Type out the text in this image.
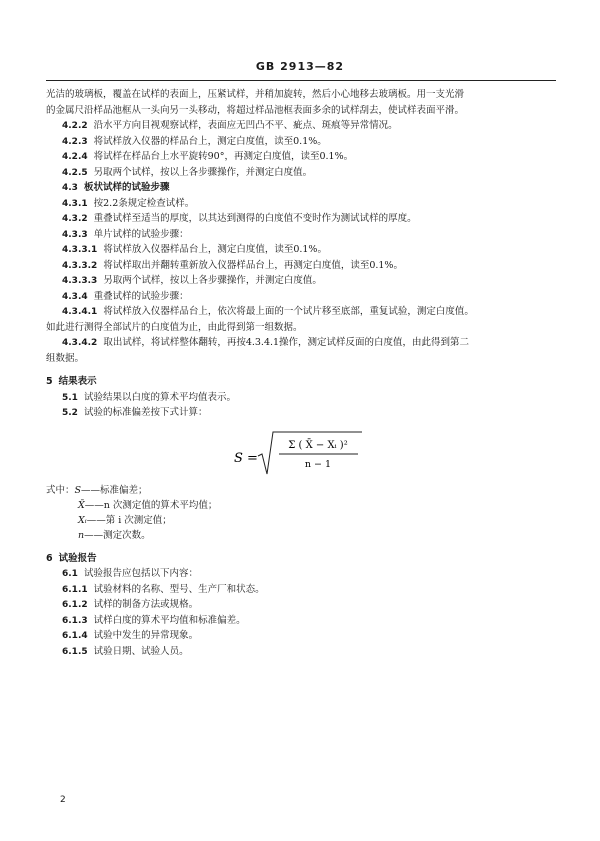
GB 2913—82
光洁的玻璃板，覆盖在试样的表面上，压紧试样，并稍加旋转，然后小心地移去玻璃板。用一支光滑
的金属尺沿样品池框从一头向另一头移动，将超过样品池框表面多余的试样刮去，使试样表面平滑。
4.2.2 沿水平方向目视观察试样，表面应无凹凸不平、疵点、斑痕等异常情况。
4.2.3 将试样放入仪器的样品台上，测定白度值，读至0.1%。
4.2.4 将试样在样品台上水平旋转90°，再测定白度值，读至0.1%。
4.2.5 另取两个试样，按以上各步骤操作，并测定白度值。
4.3 板状试样的试验步骤
4.3.1 按2.2条规定检查试样。
4.3.2 重叠试样至适当的厚度，以其达到测得的白度值不变时作为测试试样的厚度。
4.3.3 单片试样的试验步骤：
4.3.3.1 将试样放入仪器样品台上，测定白度值，读至0.1%。
4.3.3.2 将试样取出并翻转重新放入仪器样品台上，再测定白度值，读至0.1%。
4.3.3.3 另取两个试样，按以上各步骤操作，并测定白度值。
4.3.4 重叠试样的试验步骤：
4.3.4.1 将试样放入仪器样品台上，依次将最上面的一个试片移至底部，重复试验，测定白度值。
如此进行测得全部试片的白度值为止，由此得到第一组数据。
4.3.4.2 取出试样，将试样整体翻转，再按4.3.4.1操作，测定试样反面的白度值，由此得到第二
组数据。
5 结果表示
5.1 试验结果以白度的算术平均值表示。
5.2 试验的标准偏差按下式计算：
S =
Σ ( X̄ − Xᵢ )²
n − 1
式中：S——标准偏差；
X̄——n 次测定值的算术平均值；
Xᵢ——第 i 次测定值；
n——测定次数。
6 试验报告
6.1 试验报告应包括以下内容：
6.1.1 试验材料的名称、型号、生产厂和状态。
6.1.2 试样的制备方法或规格。
6.1.3 试样白度的算术平均值和标准偏差。
6.1.4 试验中发生的异常现象。
6.1.5 试验日期、试验人员。
2
